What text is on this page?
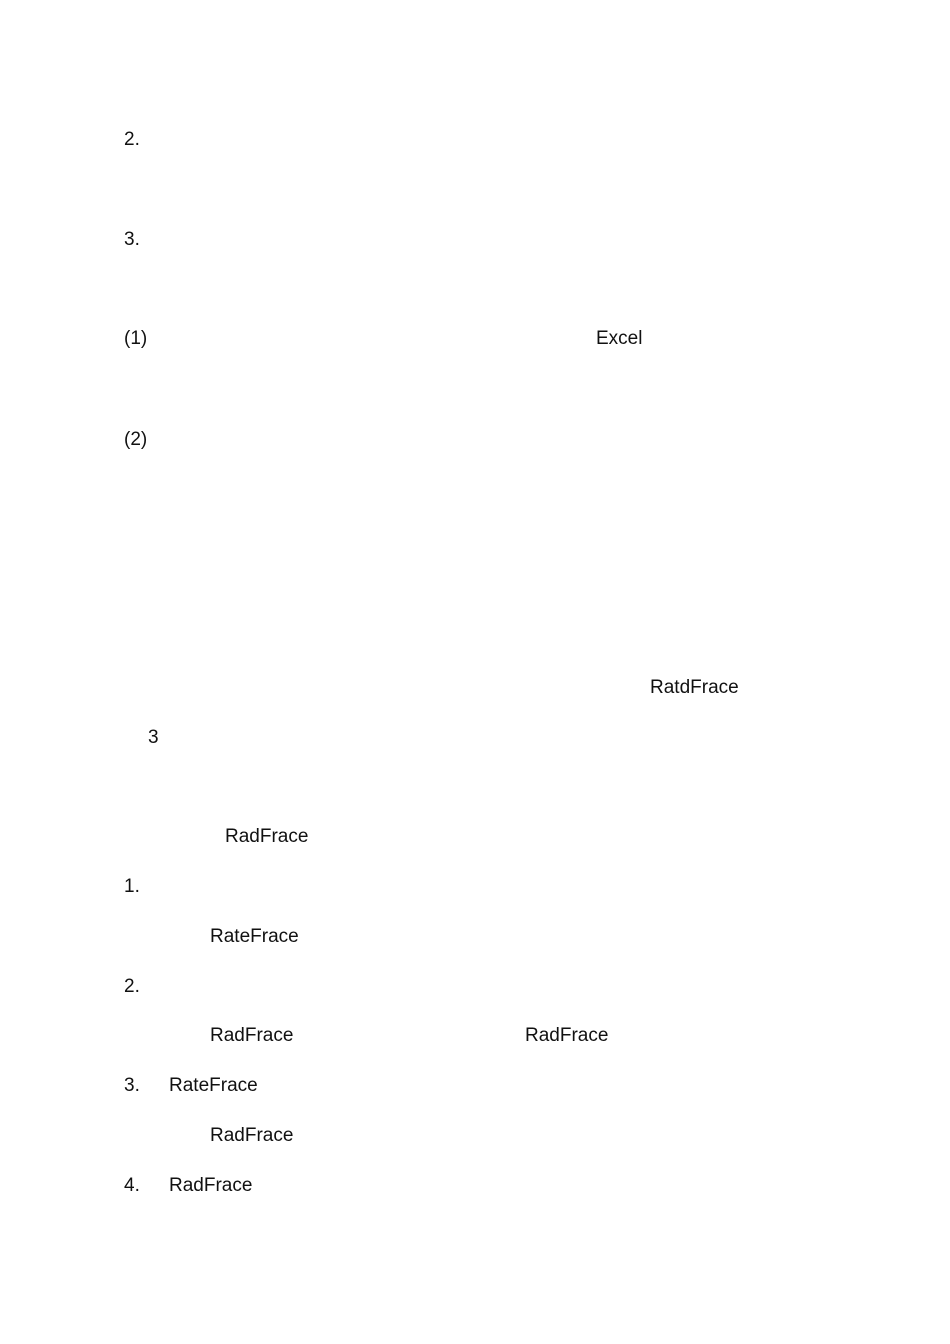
2.
3.
(1)	Excel
(2)
RatdFrace
3
RadFrace
1.
RateFrace
2.
RadFrace	RadFrace
3. RateFrace
RadFrace
4. RadFrace
